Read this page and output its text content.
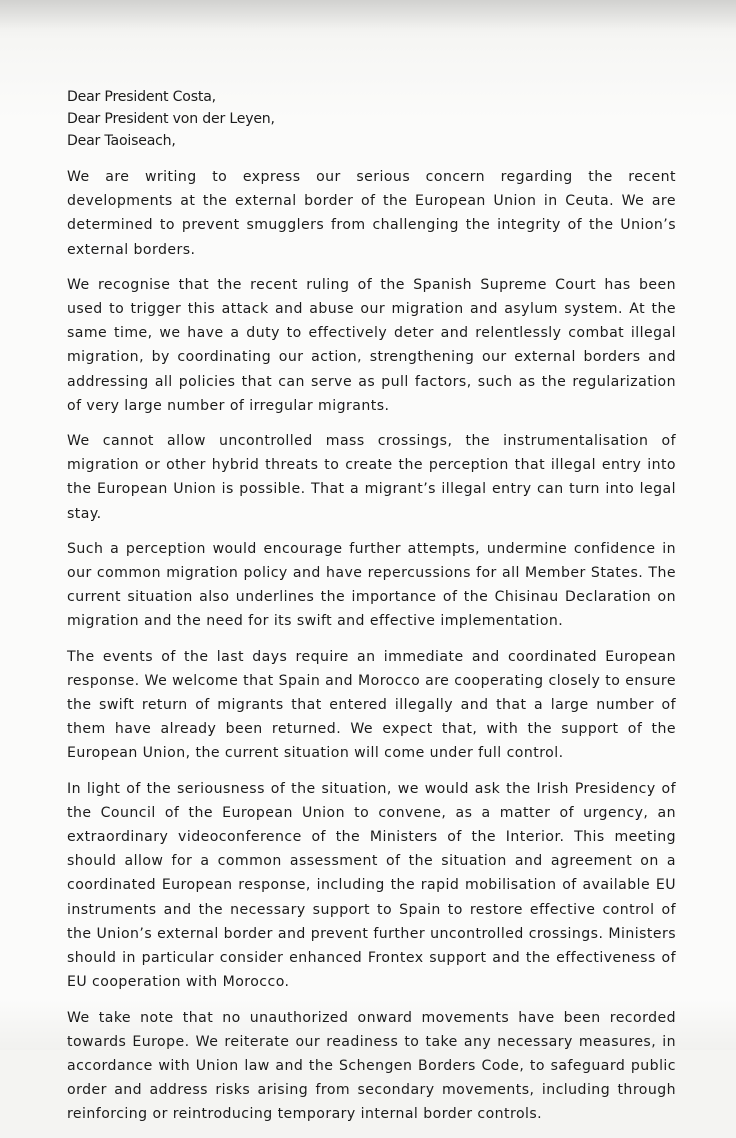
Dear President Costa,
Dear President von der Leyen,
Dear Taoiseach,

We are writing to express our serious concern regarding the recent developments at the external border of the European Union in Ceuta. We are determined to prevent smugglers from challenging the integrity of the Union’s external borders.

We recognise that the recent ruling of the Spanish Supreme Court has been used to trigger this attack and abuse our migration and asylum system. At the same time, we have a duty to effectively deter and relentlessly combat illegal migration, by coordinating our action, strengthening our external borders and addressing all policies that can serve as pull factors, such as the regularization of very large number of irregular migrants.

We cannot allow uncontrolled mass crossings, the instrumentalisation of migration or other hybrid threats to create the perception that illegal entry into the European Union is possible. That a migrant’s illegal entry can turn into legal stay.

Such a perception would encourage further attempts, undermine confidence in our common migration policy and have repercussions for all Member States. The current situation also underlines the importance of the Chisinau Declaration on migration and the need for its swift and effective implementation.

The events of the last days require an immediate and coordinated European response. We welcome that Spain and Morocco are cooperating closely to ensure the swift return of migrants that entered illegally and that a large number of them have already been returned. We expect that, with the support of the European Union, the current situation will come under full control.

In light of the seriousness of the situation, we would ask the Irish Presidency of the Council of the European Union to convene, as a matter of urgency, an extraordinary videoconference of the Ministers of the Interior. This meeting should allow for a common assessment of the situation and agreement on a coordinated European response, including the rapid mobilisation of available EU instruments and the necessary support to Spain to restore effective control of the Union’s external border and prevent further uncontrolled crossings. Ministers should in particular consider enhanced Frontex support and the effectiveness of EU cooperation with Morocco.

We take note that no unauthorized onward movements have been recorded towards Europe. We reiterate our readiness to take any necessary measures, in accordance with Union law and the Schengen Borders Code, to safeguard public order and address risks arising from secondary movements, including through reinforcing or reintroducing temporary internal border controls.
